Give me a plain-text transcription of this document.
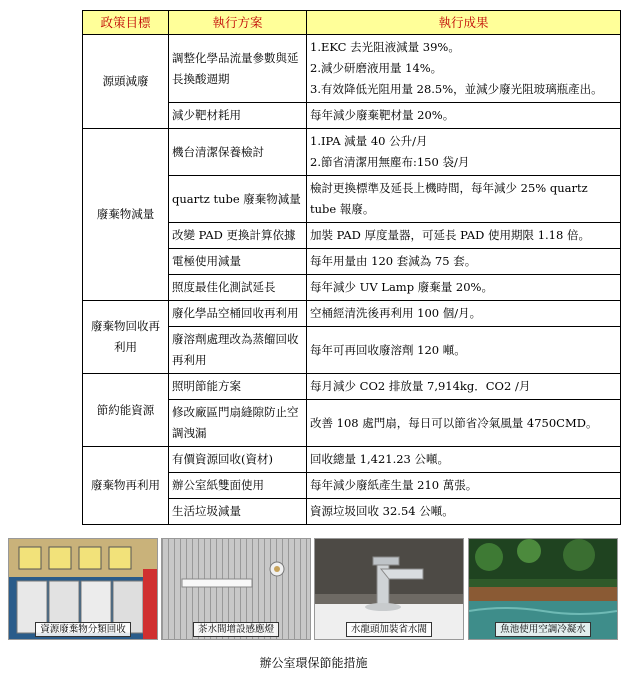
政策目標	執行方案	執行成果
源頭減廢	調整化學品流量參數與延長換酸週期	1.EKC 去光阻液減量 39%。
2.減少研磨液用量 14%。
3.有效降低光阻用量 28.5%，並減少廢光阻玻璃瓶產出。

	減少靶材耗用	每年減少廢棄靶材量 20%。
廢棄物減量	機台清潔保養檢討	1.IPA 減量 40 公升/月
2.節省清潔用無塵布:150 袋/月

	quartz tube 廢棄物減量	檢討更換標準及延長上機時間，每年減少 25% quartz tube 報廢。
	改變 PAD 更換計算依據	加裝 PAD 厚度量器，可延長 PAD 使用期限 1.18 倍。
	電極使用減量	每年用量由 120 套減為 75 套。
	照度最佳化測試延長	每年減少 UV Lamp 廢棄量 20%。
廢棄物回收再利用	廢化學品空桶回收再利用	空桶經清洗後再利用 100 個/月。
	廢溶劑處理改為蒸餾回收再利用	每年可再回收廢溶劑 120 噸。
節約能資源	照明節能方案	每月減少 CO2 排放量 7,914kg．CO2 /月
	修改廠區門扇縫隙防止空調洩漏	改善 108 處門扇，每日可以節省冷氣風量 4750CMD。
廢棄物再利用	有價資源回收(資材)	回收總量 1,421.23 公噸。
	辦公室紙雙面使用	每年減少廢紙產生量 210 萬張。
	生活垃圾減量	資源垃圾回收 32.54 公噸。
資源廢棄物分類回收	茶水間增設感應燈	水龍頭加裝省水閥	魚池使用空調冷凝水
辦公室環保節能措施
